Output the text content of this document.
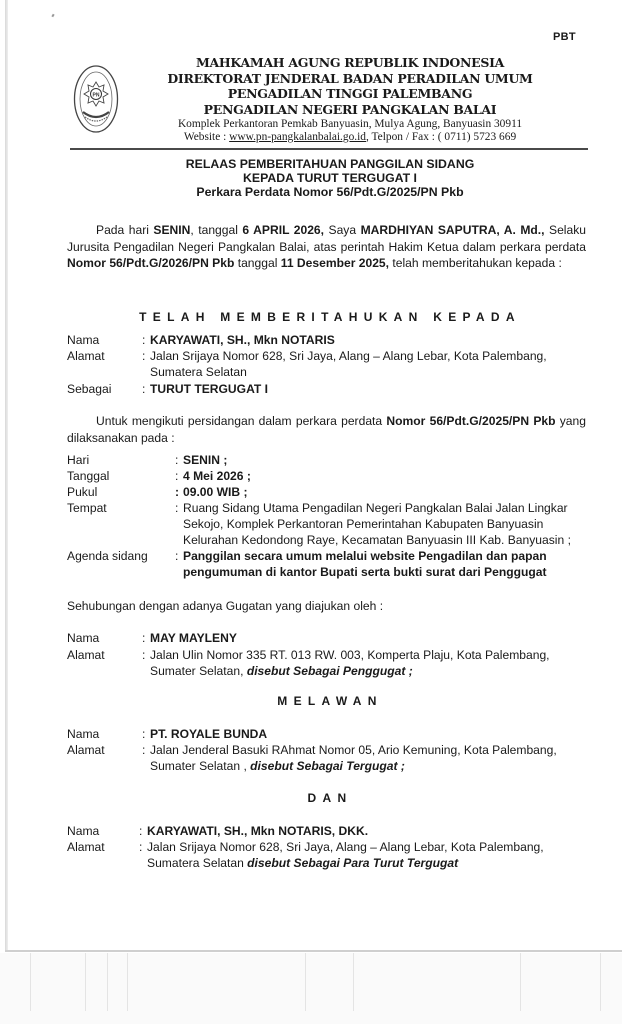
PBT
PN
MAHKAMAH AGUNG REPUBLIK INDONESIA
DIREKTORAT JENDERAL BADAN PERADILAN UMUM
PENGADILAN TINGGI PALEMBANG
PENGADILAN NEGERI PANGKALAN BALAI
Komplek Perkantoran Pemkab Banyuasin, Mulya Agung, Banyuasin 30911
Website : www.pn-pangkalanbalai.go.id, Telpon / Fax : ( 0711) 5723 669
RELAAS PEMBERITAHUAN PANGGILAN SIDANG
KEPADA TURUT TERGUGAT I
Perkara Perdata Nomor 56/Pdt.G/2025/PN Pkb
Pada hari SENIN, tanggal 6 APRIL 2026, Saya MARDHIYAN SAPUTRA, A. Md., Selaku Jurusita Pengadilan Negeri Pangkalan Balai, atas perintah Hakim Ketua dalam perkara perdata Nomor 56/Pdt.G/2026/PN Pkb tanggal 11 Desember 2025, telah memberitahukan kepada :
TELAH MEMBERITAHUKAN KEPADA
Nama	: KARYAWATI, SH., Mkn NOTARIS
Alamat	: Jalan Srijaya Nomor 628, Sri Jaya, Alang – Alang Lebar, Kota Palembang,
Sumatera Selatan
Sebagai	: TURUT TERGUGAT I
Untuk mengikuti persidangan dalam perkara perdata Nomor 56/Pdt.G/2025/PN Pkb yang dilaksanakan pada :
Hari	: SENIN ;
Tanggal	: 4 Mei 2026 ;
Pukul	: 09.00 WIB ;
Tempat	: Ruang Sidang Utama Pengadilan Negeri Pangkalan Balai Jalan Lingkar
Sekojo, Komplek Perkantoran Pemerintahan Kabupaten Banyuasin
Kelurahan Kedondong Raye, Kecamatan Banyuasin III Kab. Banyuasin ;
Agenda sidang : Panggilan secara umum melalui website Pengadilan dan papan
pengumuman di kantor Bupati serta bukti surat dari Penggugat
Sehubungan dengan adanya Gugatan yang diajukan oleh :
Nama	: MAY MAYLENY
Alamat	: Jalan Ulin Nomor 335 RT. 013 RW. 003, Komperta Plaju, Kota Palembang,
Sumater Selatan, disebut Sebagai Penggugat ;
MELAWAN
Nama	: PT. ROYALE BUNDA
Alamat	: Jalan Jenderal Basuki RAhmat Nomor 05, Ario Kemuning, Kota Palembang,
Sumater Selatan , disebut Sebagai Tergugat ;
DAN
Nama	: KARYAWATI, SH., Mkn NOTARIS, DKK.
Alamat	: Jalan Srijaya Nomor 628, Sri Jaya, Alang – Alang Lebar, Kota Palembang,
Sumatera Selatan disebut Sebagai Para Turut Tergugat
